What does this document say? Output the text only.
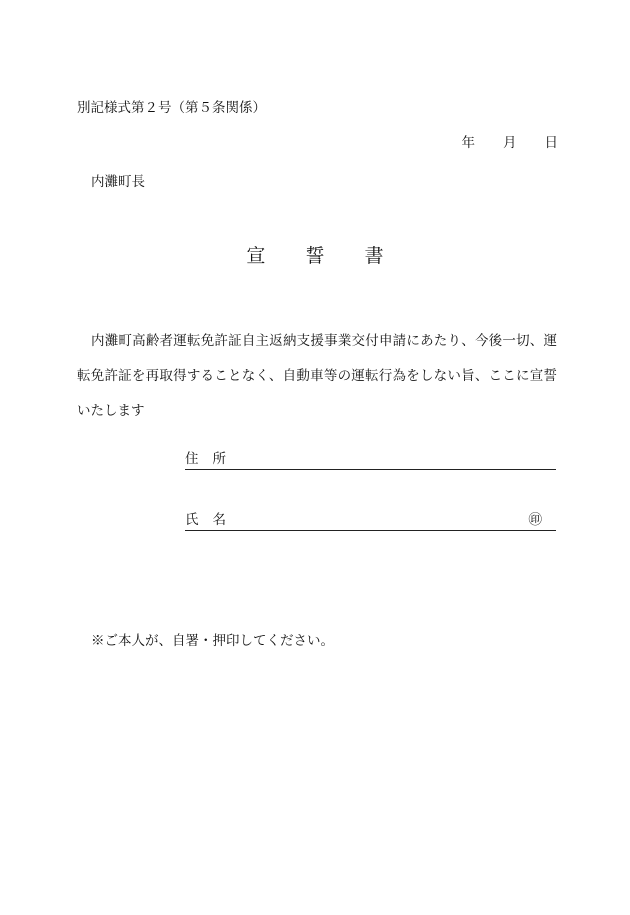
別記様式第２号（第５条関係）
年 月 日
内灘町長
宣 誓 書
内灘町高齢者運転免許証自主返納支援事業交付申請にあたり、今後一切、運転免許証を再取得することなく、自動車等の運転行為をしない旨、ここに宣誓いたします
住 所
氏 名	㊞
※ご本人が、自署・押印してください。
